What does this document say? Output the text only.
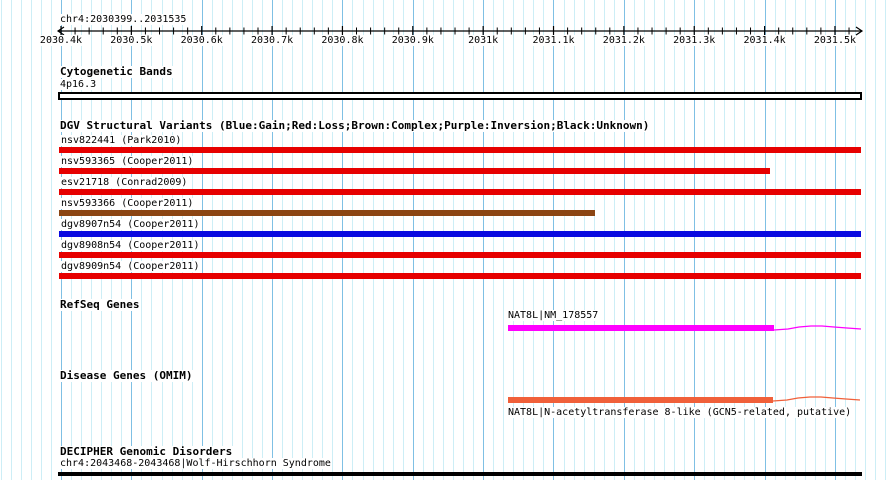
chr4:2030399..2031535
2030.4k	2030.5k	2030.6k	2030.7k	2030.8k	2030.9k	2031k	2031.1k	2031.2k	2031.3k	2031.4k	2031.5k
Cytogenetic Bands
4p16.3
DGV Structural Variants (Blue:Gain;Red:Loss;Brown:Complex;Purple:Inversion;Black:Unknown)
nsv822441 (Park2010)
nsv593365 (Cooper2011)
esv21718 (Conrad2009)
nsv593366 (Cooper2011)
dgv8907n54 (Cooper2011)
dgv8908n54 (Cooper2011)
dgv8909n54 (Cooper2011)
RefSeq Genes
NAT8L|NM_178557
Disease Genes (OMIM)
NAT8L|N-acetyltransferase 8-like (GCN5-related, putative)
DECIPHER Genomic Disorders
chr4:2043468-2043468|Wolf-Hirschhorn Syndrome
